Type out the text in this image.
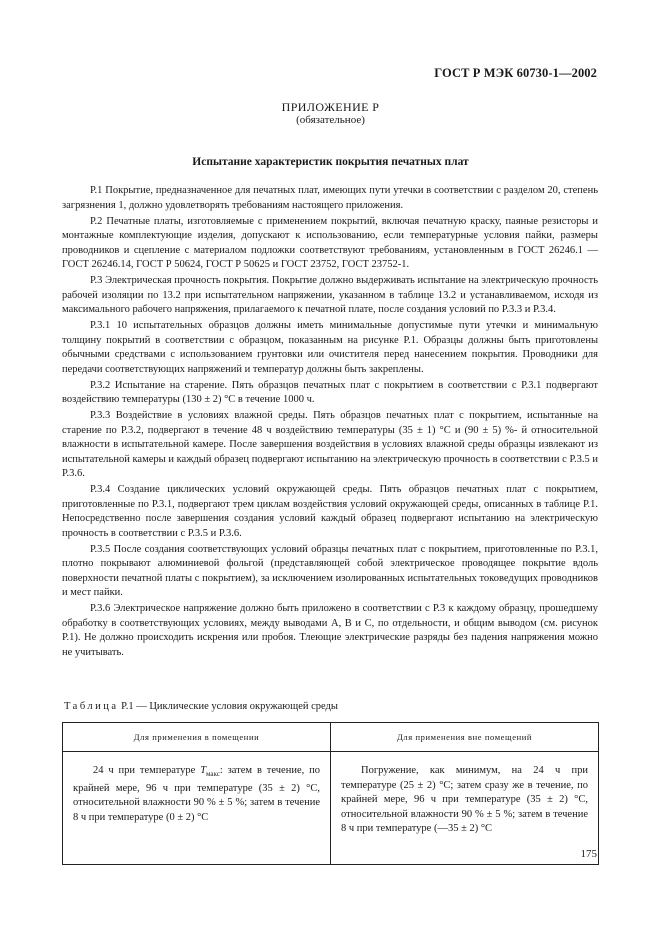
ГОСТ Р МЭК 60730-1—2002
ПРИЛОЖЕНИЕ Р
(обязательное)
Испытание характеристик покрытия печатных плат

Р.1 Покрытие, предназначенное для печатных плат, имеющих пути утечки в соответствии с разделом 20, степень загрязнения 1, должно удовлетворять требованиям настоящего приложения.

Р.2 Печатные платы, изготовляемые с применением покрытий, включая печатную краску, паяные резисторы и монтажные комплектующие изделия, допускают к использованию, если температурные условия пайки, размеры проводников и сцепление с материалом подложки соответствуют требованиям, установленным в ГОСТ 26246.1 — ГОСТ 26246.14, ГОСТ Р 50624, ГОСТ Р 50625 и ГОСТ 23752, ГОСТ 23752-1.

Р.3 Электрическая прочность покрытия. Покрытие должно выдерживать испытание на электрическую прочность рабочей изоляции по 13.2 при испытательном напряжении, указанном в таблице 13.2 и устанавливаемом, исходя из максимального рабочего напряжения, прилагаемого к печатной плате, после создания условий по Р.3.3 и Р.3.4.

Р.3.1 10 испытательных образцов должны иметь минимальные допустимые пути утечки и минимальную толщину покрытий в соответствии с образцом, показанным на рисунке Р.1. Образцы должны быть приготовлены обычными средствами с использованием грунтовки или очистителя перед нанесением покрытия. Проводники для передачи соответствующих напряжений и температур должны быть закреплены.

Р.3.2 Испытание на старение. Пять образцов печатных плат с покрытием в соответствии с Р.3.1 подвергают воздействию температуры (130 ± 2) °С в течение 1000 ч.

Р.3.3 Воздействие в условиях влажной среды. Пять образцов печатных плат с покрытием, испытанные на старение по Р.3.2, подвергают в течение 48 ч воздействию температуры (35 ± 1) °С и (90 ± 5) %- й относительной влажности в испытательной камере. После завершения воздействия в условиях влажной среды образцы извлекают из испытательной камеры и каждый образец подвергают испытанию на электрическую прочность в соответствии с Р.3.5 и Р.3.6.

Р.3.4 Создание циклических условий окружающей среды. Пять образцов печатных плат с покрытием, приготовленные по Р.3.1, подвергают трем циклам воздействия условий окружающей среды, описанных в таблице Р.1. Непосредственно после завершения создания условий каждый образец подвергают испытанию на электрическую прочность в соответствии с Р.3.5 и Р.3.6.

Р.3.5 После создания соответствующих условий образцы печатных плат с покрытием, приготовленные по Р.3.1, плотно покрывают алюминиевой фольгой (представляющей собой электрическое проводящее покрытие вдоль поверхности печатной платы с покрытием), за исключением изолированных испытательных токоведущих проводников и мест пайки.

Р.3.6 Электрическое напряжение должно быть приложено в соответствии с Р.3 к каждому образцу, прошедшему обработку в соответствующих условиях, между выводами А, В и С, по отдельности, и общим выводом (см. рисунок Р.1). Не должно происходить искрения или пробоя. Тлеющие электрические разряды без падения напряжения можно не учитывать.

Таблица Р.1 — Циклические условия окружающей среды
Для применения в помещении	Для применения вне помещений
24 ч при температуре $T_{макс}$: затем в течение, по крайней мере, 96 ч при температуре (35 ± 2) °С, относительной влажности 90 % ± 5 %; затем в течение 8 ч при температуре (0 ± 2) °С	Погружение, как минимум, на 24 ч при температуре (25 ± 2) °С; затем сразу же в течение, по крайней мере, 96 ч при температуре (35 ± 2) °С, относительной влажности 90 % ± 5 %; затем в течение 8 ч при температуре (—35 ± 2) °С
175
